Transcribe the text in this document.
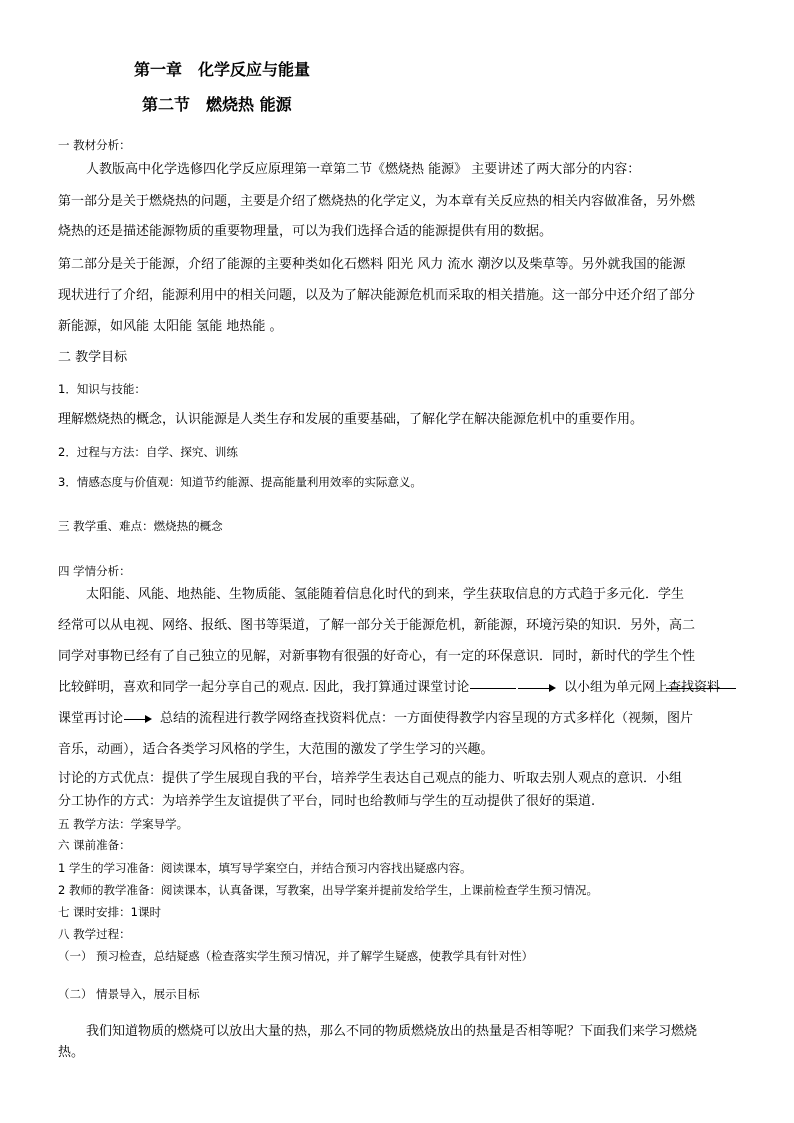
第一章　化学反应与能量
第二节　燃烧热 能源
一 教材分析：
人教版高中化学选修四化学反应原理第一章第二节《燃烧热 能源》 主要讲述了两大部分的内容：
第一部分是关于燃烧热的问题，主要是介绍了燃烧热的化学定义，为本章有关反应热的相关内容做准备，另外燃
烧热的还是描述能源物质的重要物理量，可以为我们选择合适的能源提供有用的数据。
第二部分是关于能源，介绍了能源的主要种类如化石燃料 阳光 风力 流水 潮汐以及柴草等。另外就我国的能源
现状进行了介绍，能源利用中的相关问题，以及为了解决能源危机而采取的相关措施。这一部分中还介绍了部分
新能源，如风能 太阳能 氢能 地热能 。
二 教学目标
1．知识与技能：
理解燃烧热的概念，认识能源是人类生存和发展的重要基础，了解化学在解决能源危机中的重要作用。
2．过程与方法：自学、探究、训练
3．情感态度与价值观：知道节约能源、提高能量利用效率的实际意义。
三 教学重、难点：燃烧热的概念
四 学情分析：
太阳能、风能、地热能、生物质能、氢能随着信息化时代的到来，学生获取信息的方式趋于多元化．学生
经常可以从电视、网络、报纸、图书等渠道，了解一部分关于能源危机，新能源，环境污染的知识．另外，高二
同学对事物已经有了自己独立的见解，对新事物有很强的好奇心，有一定的环保意识．同时，新时代的学生个性
比较鲜明，喜欢和同学一起分享自己的观点. 因此，我打算通过课堂讨论	以小组为单元网上查找资料
课堂再讨论	总结的流程进行教学网络查找资料优点：一方面使得教学内容呈现的方式多样化（视频，图片
音乐，动画），适合各类学习风格的学生，大范围的激发了学生学习的兴趣。
讨论的方式优点：提供了学生展现自我的平台，培养学生表达自己观点的能力、听取去别人观点的意识．小组
分工协作的方式：为培养学生友谊提供了平台，同时也给教师与学生的互动提供了很好的渠道.
五 教学方法：学案导学。
六 课前准备：
1 学生的学习准备：阅读课本，填写导学案空白，并结合预习内容找出疑惑内容。
2 教师的教学准备：阅读课本，认真备课，写教案，出导学案并提前发给学生，上课前检查学生预习情况。
七 课时安排：1课时
八 教学过程：
（一） 预习检查，总结疑惑（检查落实学生预习情况，并了解学生疑惑，使教学具有针对性）
（二） 情景导入，展示目标
我们知道物质的燃烧可以放出大量的热，那么不同的物质燃烧放出的热量是否相等呢？下面我们来学习燃烧
热。
